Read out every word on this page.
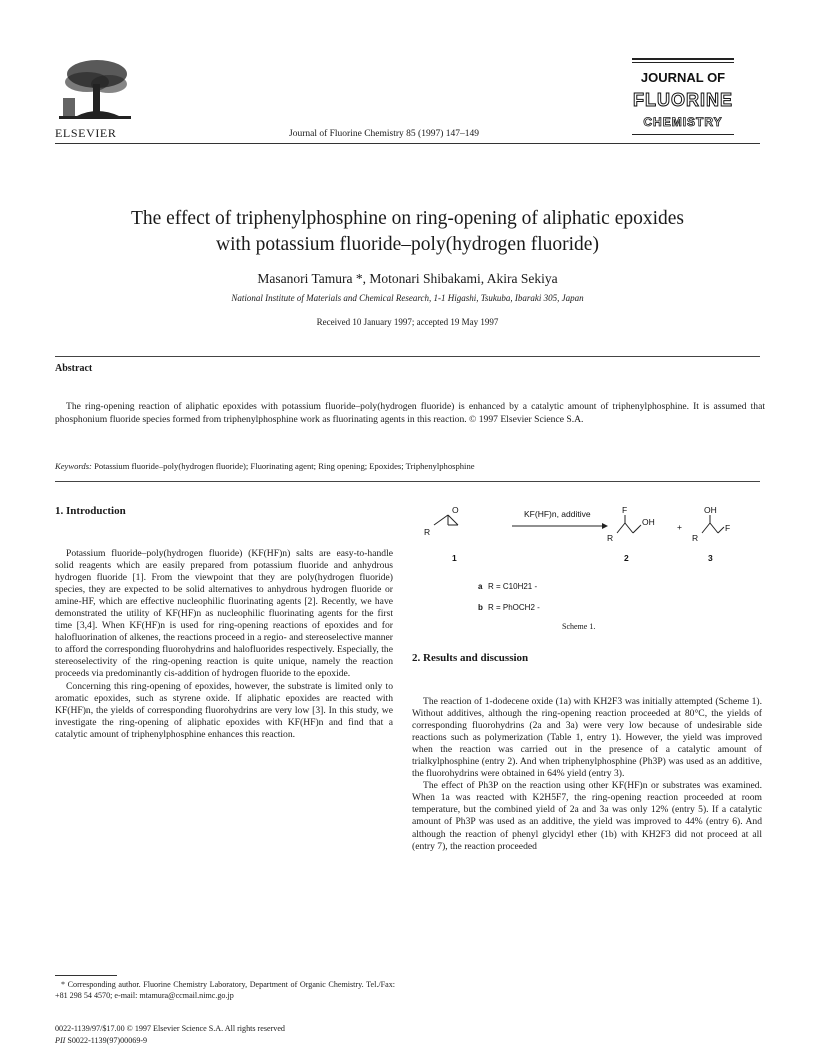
ELSEVIER	Journal of Fluorine Chemistry 85 (1997) 147–149
JOURNAL OF
FLUORINE
CHEMISTRY
The effect of triphenylphosphine on ring-opening of aliphatic epoxides
with potassium fluoride–poly(hydrogen fluoride)
Masanori Tamura *, Motonari Shibakami, Akira Sekiya
National Institute of Materials and Chemical Research, 1-1 Higashi, Tsukuba, Ibaraki 305, Japan
Received 10 January 1997; accepted 19 May 1997
Abstract
The ring-opening reaction of aliphatic epoxides with potassium fluoride–poly(hydrogen fluoride) is enhanced by a catalytic amount of triphenylphosphine. It is assumed that phosphonium fluoride species formed from triphenylphosphine work as fluorinating agents in this reaction. © 1997 Elsevier Science S.A.
Keywords: Potassium fluoride–poly(hydrogen fluoride); Fluorinating agent; Ring opening; Epoxides; Triphenylphosphine
1. Introduction

Potassium fluoride–poly(hydrogen fluoride) (KF(HF)n) salts are easy-to-handle solid reagents which are easily prepared from potassium fluoride and anhydrous hydrogen fluoride [1]. From the viewpoint that they are poly(hydrogen fluoride) species, they are expected to be solid alternatives to anhydrous hydrogen fluoride or amine-HF, which are effective nucleophilic fluorinating agents [2]. Recently, we have demonstrated the utility of KF(HF)n as nucleophilic fluorinating agents for the first time [3,4]. When KF(HF)n is used for ring-opening reactions of epoxides and for halofluorination of alkenes, the reactions proceed in a regio- and stereoselective manner to afford the corresponding fluorohydrins and halofluorides respectively. Especially, the stereoselectivity of the ring-opening reaction is quite unique, namely the reaction proceeds via predominantly cis-addition of hydrogen fluoride to the epoxide.

Concerning this ring-opening of epoxides, however, the substrate is limited only to aromatic epoxides, such as styrene oxide. If aliphatic epoxides are reacted with KF(HF)n, the yields of corresponding fluorohydrins are very low [3]. In this study, we investigate the ring-opening of aliphatic epoxides with KF(HF)n and find that a catalytic amount of triphenylphosphine enhances this reaction.

* Corresponding author. Fluorine Chemistry Laboratory, Department of Organic Chemistry. Tel./Fax: +81 298 54 4570; e-mail: mtamura@ccmail.nimc.go.jp

0022-1139/97/$17.00 © 1997 Elsevier Science S.A. All rights reserved
PII S0022-1139(97)00069-9
O
R
KF(HF)n, additive	F
OH
R
+
OH
F
R
1	2	3
a R = C10H21 -
b R = PhOCH2 -
Scheme 1.
2. Results and discussion

The reaction of 1-dodecene oxide (1a) with KH2F3 was initially attempted (Scheme 1). Without additives, although the ring-opening reaction proceeded at 80°C, the yields of corresponding fluorohydrins (2a and 3a) were very low because of undesirable side reactions such as polymerization (Table 1, entry 1). However, the yield was improved when the reaction was carried out in the presence of a catalytic amount of trialkylphosphine (entry 2). And when triphenylphosphine (Ph3P) was used as an additive, the fluorohydrins were obtained in 64% yield (entry 3).

The effect of Ph3P on the reaction using other KF(HF)n or substrates was examined. When 1a was reacted with K2H5F7, the ring-opening reaction proceeded at room temperature, but the combined yield of 2a and 3a was only 12% (entry 5). If a catalytic amount of Ph3P was used as an additive, the yield was improved to 44% (entry 6). And although the reaction of phenyl glycidyl ether (1b) with KH2F3 did not proceed at all (entry 7), the reaction proceeded
